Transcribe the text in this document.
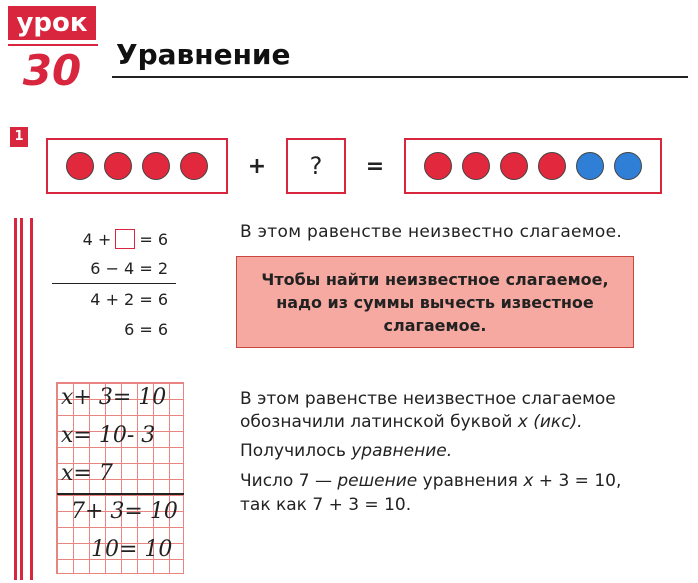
урок
30	Уравнение
1
+	?	=
4 + = 6
6 − 4 = 2
4 + 2 = 6
6 = 6
В этом равенстве неизвестно слагаемое.
Чтобы найти неизвестное слагаемое, надо из суммы вычесть известное слагаемое.
x+ 3= 10
x= 10- 3
x= 7
7+ 3= 10
10= 10
В этом равенстве неизвестное слагаемое обозначили латинской буквой x (икс).
Получилось уравнение.
Число 7 — решение уравнения x + 3 = 10,
так как 7 + 3 = 10.
